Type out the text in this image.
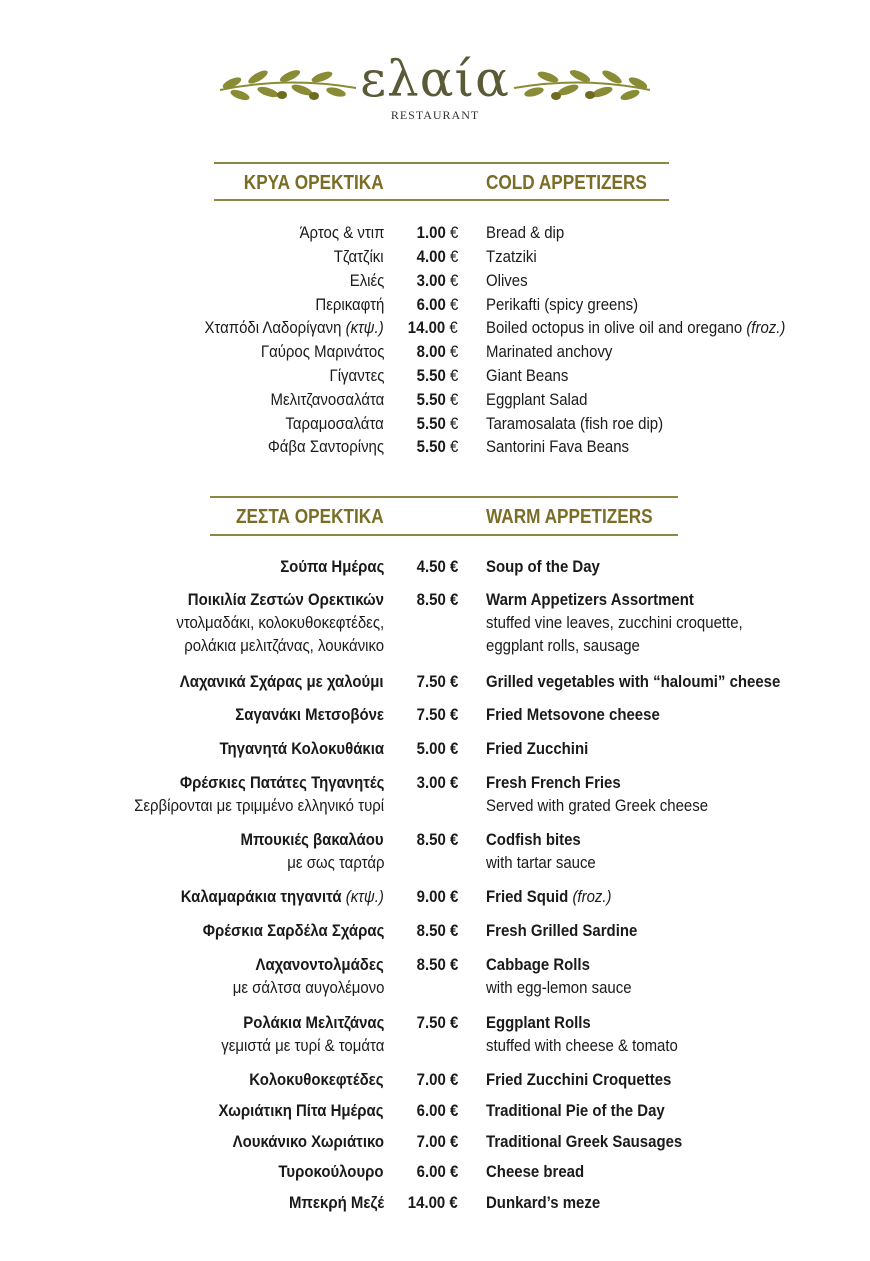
ελαία
RESTAURANT
ΚΡΥΑ ΟΡΕΚΤΙΚΑ	COLD APPETIZERS
Άρτος & ντιπ 1.00 € Bread & dip
Τζατζίκι 4.00 € Tzatziki
Ελιές 3.00 € Olives
Περικαφτή 6.00 € Perikafti (spicy greens)
Χταπόδι Λαδορίγανη (κτψ.) 14.00 € Boiled octopus in olive oil and oregano (froz.)
Γαύρος Μαρινάτος 8.00 € Marinated anchovy
Γίγαντες 5.50 € Giant Beans
Μελιτζανοσαλάτα 5.50 € Eggplant Salad
Ταραμοσαλάτα 5.50 € Taramosalata (fish roe dip)
Φάβα Σαντορίνης 5.50 € Santorini Fava Beans
ΖΕΣΤΑ ΟΡΕΚΤΙΚΑ	WARM APPETIZERS
Σούπα Ημέρας 4.50 € Soup of the Day
Ποικιλία Ζεστών Ορεκτικών 8.50 € Warm Appetizers Assortment
ντολμαδάκι, κολοκυθοκεφτέδες,
ρολάκια μελιτζάνας, λουκάνικο
stuffed vine leaves, zucchini croquette,
eggplant rolls, sausage
Λαχανικά Σχάρας με χαλούμι 7.50 € Grilled vegetables with “haloumi” cheese
Σαγανάκι Μετσοβόνε 7.50 € Fried Metsovone cheese
Τηγανητά Κολοκυθάκια 5.00 € Fried Zucchini
Φρέσκιες Πατάτες Τηγανητές 3.00 € Fresh French Fries
Σερβίρονται με τριμμένο ελληνικό τυρί	Served with grated Greek cheese
Μπουκιές βακαλάου 8.50 € Codfish bites
με σως ταρτάρ	with tartar sauce
Καλαμαράκια τηγανιτά (κτψ.) 9.00 € Fried Squid (froz.)
Φρέσκια Σαρδέλα Σχάρας 8.50 € Fresh Grilled Sardine
Λαχανοντολμάδες 8.50 € Cabbage Rolls
με σάλτσα αυγολέμονο	with egg-lemon sauce
Ρολάκια Μελιτζάνας 7.50 € Eggplant Rolls
γεμιστά με τυρί & τομάτα	stuffed with cheese & tomato
Κολοκυθοκεφτέδες 7.00 € Fried Zucchini Croquettes
Χωριάτικη Πίτα Ημέρας 6.00 € Traditional Pie of the Day
Λουκάνικο Χωριάτικο 7.00 € Traditional Greek Sausages
Τυροκούλουρο 6.00 € Cheese bread
Μπεκρή Μεζέ 14.00 € Dunkard’s meze
